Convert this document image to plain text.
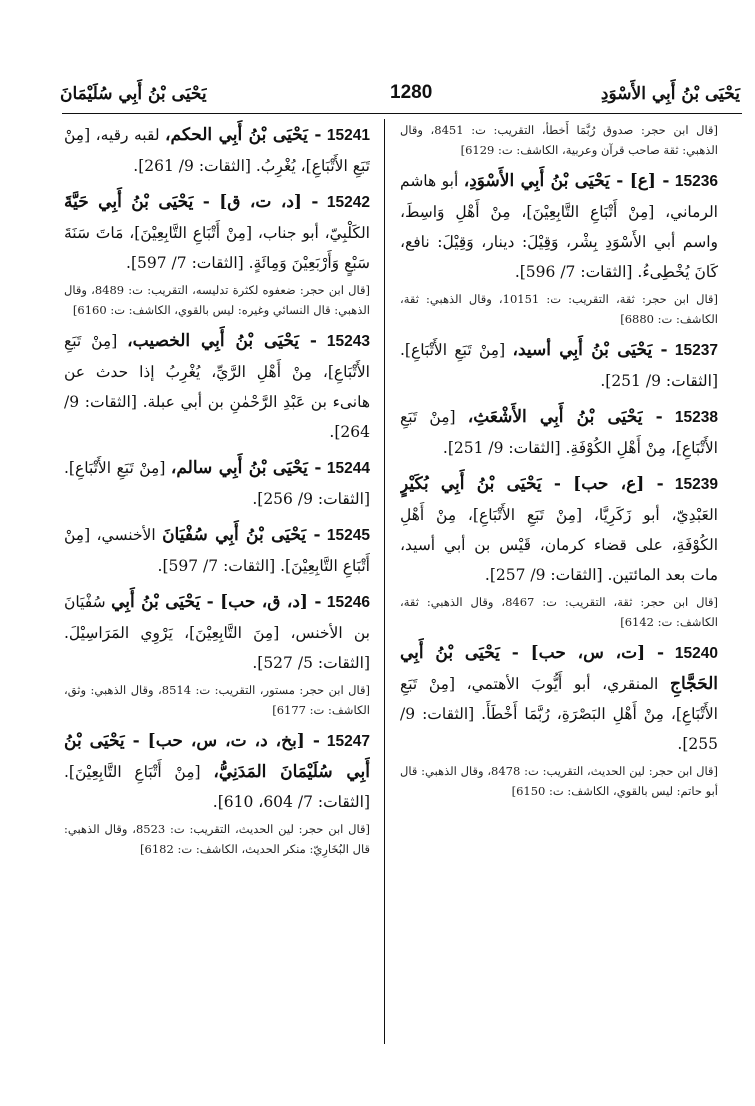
يَحْيَى بْنُ أَبِي سُلَيْمَانَ	1280	يَحْيَى بْنُ أَبِي الأَسْوَدِ
[قال ابن حجر: صدوق رُبَّمَا أَخطأ، التقريب: ت: 8451، وقال الذهبي: ثقة صاحب قرآن وعربية، الكاشف: ت: 6129]
15236 - [ع] - يَحْيَى بْنُ أَبِي الأَسْوَدِ، أبو هاشم الرماني، [مِنْ أَتْبَاعِ التَّابِعِيْنَ]، مِنْ أَهْلِ وَاسِطَ، واسم أبي الأَسْوَدِ بِشْر، وَقِيْلَ: دينار، وَقِيْلَ: نافع، كَانَ يُخْطِىءُ. [الثقات: 7/ 596].
[قال ابن حجر: ثقة، التقريب: ت: 10151، وقال الذهبي: ثقة، الكاشف: ت: 6880]
15237 - يَحْيَى بْنُ أَبِي أسيد، [مِنْ تَبَعِ الأَتْبَاعِ]. [الثقات: 9/ 251].
15238 - يَحْيَى بْنُ أَبِي الأَشْعَثِ، [مِنْ تَبَعِ الأَتْبَاعِ]، مِنْ أَهْلِ الكُوْفَةِ. [الثقات: 9/ 251].
15239 - [ع، حب] - يَحْيَى بْنُ أَبِي بُكَيْرٍ العَبْدِيّ، أبو زَكَرِيَّا، [مِنْ تَبَعِ الأَتْبَاعِ]، مِنْ أَهْلِ الكُوْفَةِ، على قضاء كرمان، قَيْس بن أبي أسيد، مات بعد المائتين. [الثقات: 9/ 257].
[قال ابن حجر: ثقة، التقريب: ت: 8467، وقال الذهبي: ثقة، الكاشف: ت: 6142]
15240 - [ت، س، حب] - يَحْيَى بْنُ أَبِي الحَجَّاجِ المنقري، أبو أَيُّوبَ الأهتمي، [مِنْ تَبَعِ الأَتْبَاعِ]، مِنْ أَهْلِ البَصْرَةِ، رُبَّمَا أَخْطَأَ. [الثقات: 9/ 255].
[قال ابن حجر: لين الحديث، التقريب: ت: 8478، وقال الذهبي: قال أبو حاتم: ليس بالقوي، الكاشف: ت: 6150]
15241 - يَحْيَى بْنُ أَبِي الحكم، لقبه رقيه، [مِنْ تَبَعِ الأَتْبَاعِ]، يُغْرِبُ. [الثقات: 9/ 261].
15242 - [د، ت، ق] - يَحْيَى بْنُ أَبِي حَيَّةَ الكَلْبِيّ، أبو جناب، [مِنْ أَتْبَاعِ التَّابِعِيْنَ]، مَاتَ سَنَةَ سَبْعٍ وَأَرْبَعِيْنَ وَمِائَةٍ. [الثقات: 7/ 597].
[قال ابن حجر: ضعفوه لكثرة تدليسه، التقريب: ت: 8489، وقال الذهبي: قال النسائي وغيره: ليس بالقوي، الكاشف: ت: 6160]
15243 - يَحْيَى بْنُ أَبِي الخصيب، [مِنْ تَبَعِ الأَتْبَاعِ]، مِنْ أَهْلِ الرَّيِّ، يُغْرِبُ إذا حدث عن هانىء بن عَبْدِ الرَّحْمٰنِ بن أبي عبلة. [الثقات: 9/ 264].
15244 - يَحْيَى بْنُ أَبِي سالم، [مِنْ تَبَعِ الأَتْبَاعِ]. [الثقات: 9/ 256].
15245 - يَحْيَى بْنُ أَبِي سُفْيَانَ الأخنسي، [مِنْ أَتْبَاعِ التَّابِعِيْنَ]. [الثقات: 7/ 597].
15246 - [د، ق، حب] - يَحْيَى بْنُ أَبِي سُفْيَانَ بن الأخنس، [مِنَ التَّابِعِيْنَ]، يَرْوِي المَرَاسِيْلَ. [الثقات: 5/ 527].
[قال ابن حجر: مستور، التقريب: ت: 8514، وقال الذهبي: وثق، الكاشف: ت: 6177]
15247 - [بخ، د، ت، س، حب] - يَحْيَى بْنُ أَبِي سُلَيْمَانَ المَدَنِيُّ، [مِنْ أَتْبَاعِ التَّابِعِيْنَ]. [الثقات: 7/ 604، 610].
[قال ابن حجر: لين الحديث، التقريب: ت: 8523، وقال الذهبي: قال البُخَارِيّ: منكر الحديث، الكاشف: ت: 6182]
